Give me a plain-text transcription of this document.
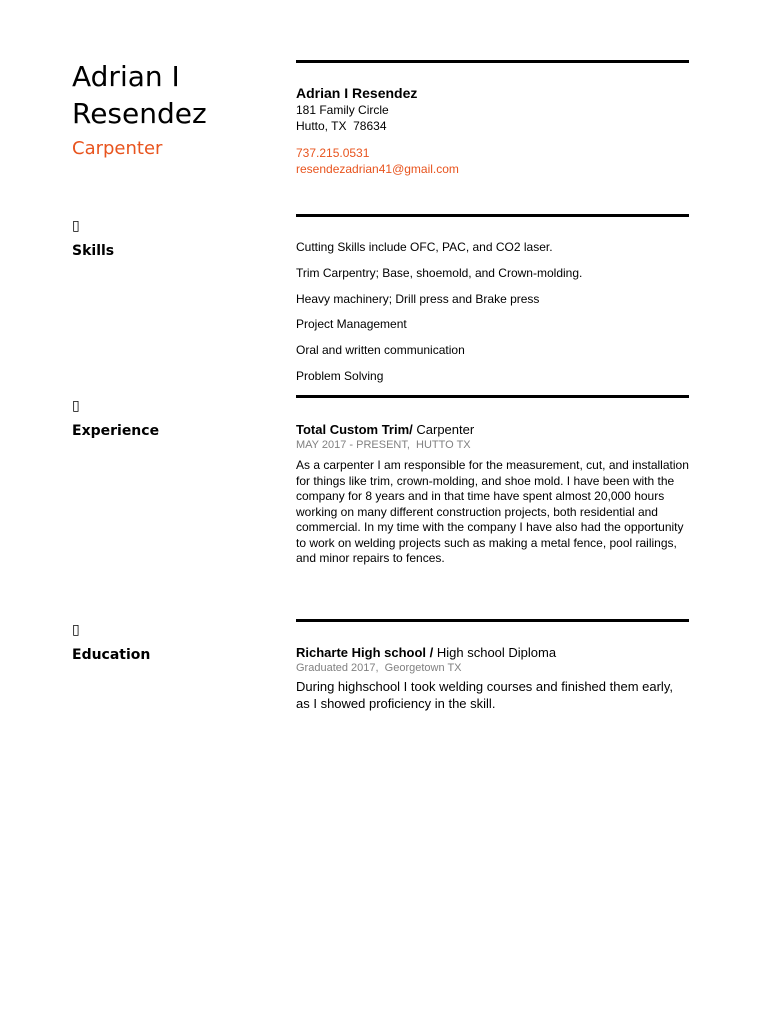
Adrian I
Resendez
Carpenter
Adrian I Resendez
181 Family Circle
Hutto, TX  78634
737.215.0531
resendezadrian41@gmail.com
▯
Skills	Cutting Skills include OFC, PAC, and CO2 laser.
Trim Carpentry; Base, shoemold, and Crown-molding.
Heavy machinery; Drill press and Brake press
Project Management
Oral and written communication
Problem Solving
▯
Experience	Total Custom Trim/ Carpenter
MAY 2017 - PRESENT,  HUTTO TX
As a carpenter I am responsible for the measurement, cut, and installation for things like trim, crown-molding, and shoe mold. I have been with the company for 8 years and in that time have spent almost 20,000 hours working on many different construction projects, both residential and commercial. In my time with the company I have also had the opportunity to work on welding projects such as making a metal fence, pool railings, and minor repairs to fences.
▯
Education	Richarte High school / High school Diploma
Graduated 2017,  Georgetown TX
During highschool I took welding courses and finished them early, as I showed proficiency in the skill.
